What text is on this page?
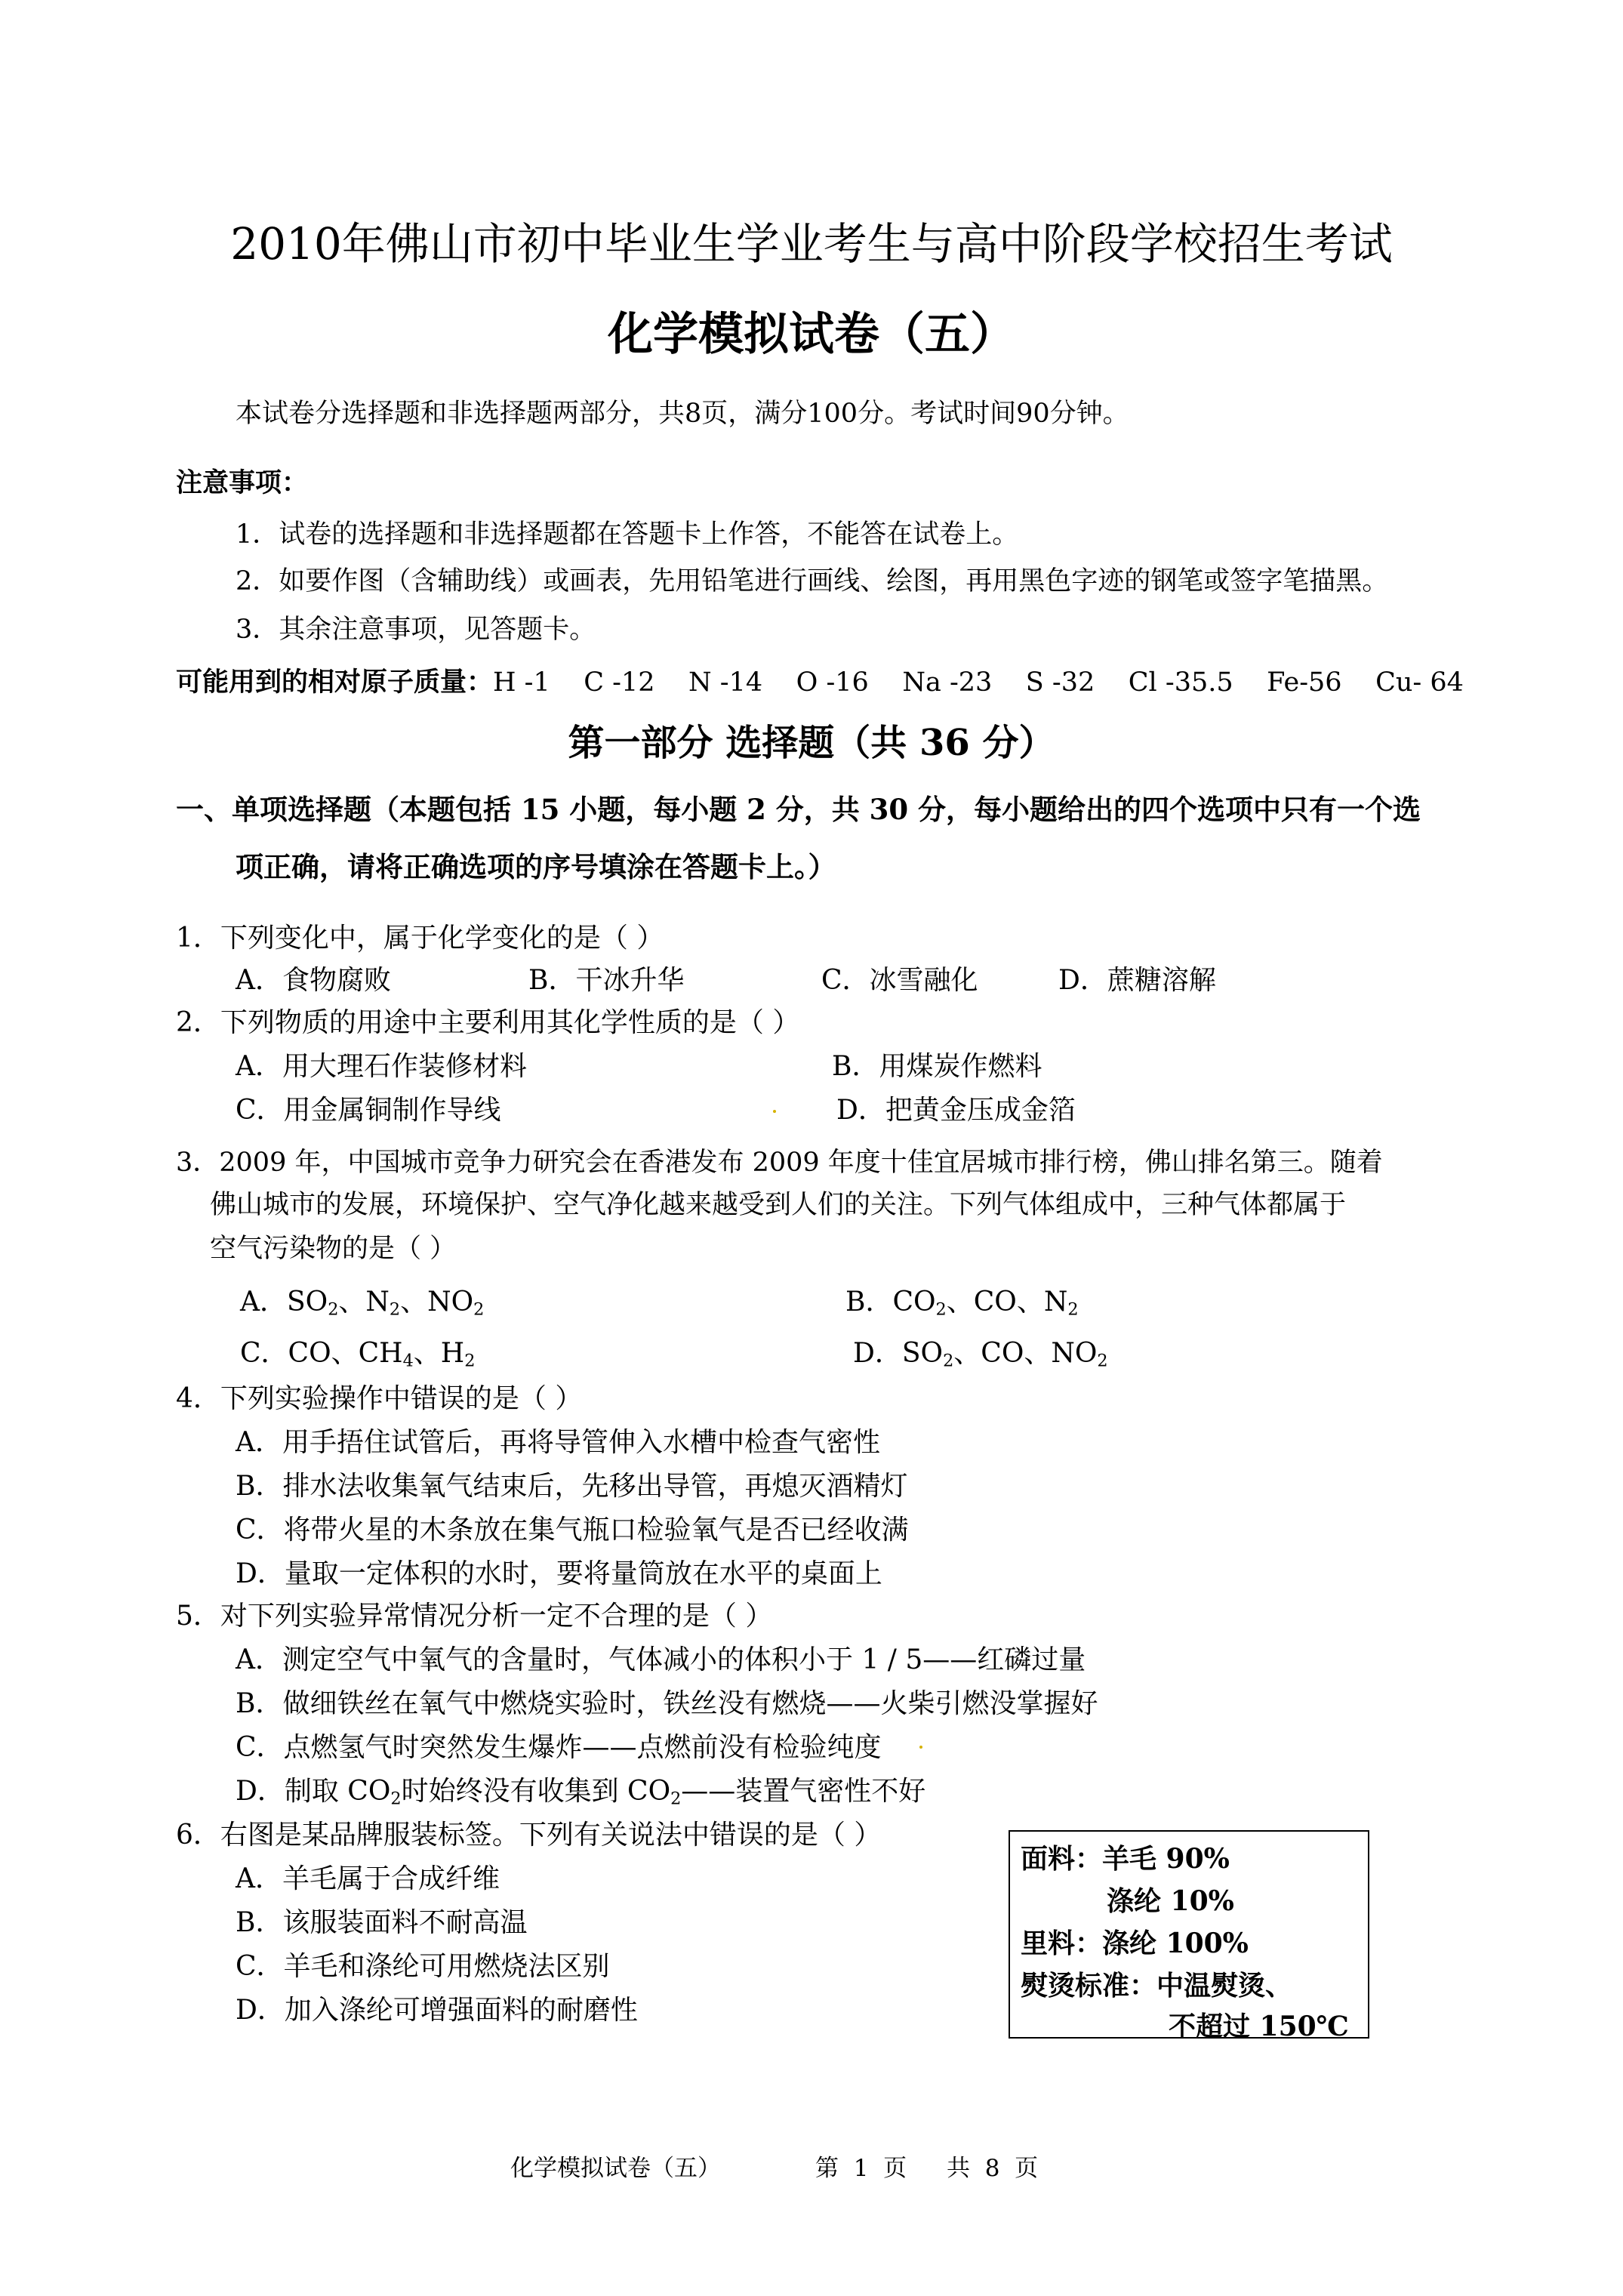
2010年佛山市初中毕业生学业考生与高中阶段学校招生考试
化学模拟试卷（五）
本试卷分选择题和非选择题两部分，共8页，满分100分。考试时间90分钟。
注意事项：
1．试卷的选择题和非选择题都在答题卡上作答，不能答在试卷上。
2．如要作图（含辅助线）或画表，先用铅笔进行画线、绘图，再用黑色字迹的钢笔或签字笔描黑。
3．其余注意事项，见答题卡。
可能用到的相对原子质量：H -1    C -12    N -14    O -16    Na -23    S -32    Cl -35.5    Fe-56    Cu- 64
第一部分 选择题（共 36 分）
一、单项选择题（本题包括 15 小题，每小题 2 分，共 30 分，每小题给出的四个选项中只有一个选
项正确，请将正确选项的序号填涂在答题卡上。）
1．下列变化中，属于化学变化的是（ ）
A．食物腐败	B．干冰升华	C．冰雪融化	D．蔗糖溶解
2．下列物质的用途中主要利用其化学性质的是（ ）
A．用大理石作装修材料	B．用煤炭作燃料
C．用金属铜制作导线	D．把黄金压成金箔
3．2009 年，中国城市竞争力研究会在香港发布 2009 年度十佳宜居城市排行榜，佛山排名第三。随着
佛山城市的发展，环境保护、空气净化越来越受到人们的关注。下列气体组成中，三种气体都属于
空气污染物的是（ ）
A．$SO_2$、$N_2$、$NO_2$	B．$CO_2$、CO、$N_2$
C．CO、$CH_4$、$H_2$	D．$SO_2$、CO、$NO_2$
4．下列实验操作中错误的是（ ）
A．用手捂住试管后，再将导管伸入水槽中检查气密性
B．排水法收集氧气结束后，先移出导管，再熄灭酒精灯
C．将带火星的木条放在集气瓶口检验氧气是否已经收满
D．量取一定体积的水时，要将量筒放在水平的桌面上
5．对下列实验异常情况分析一定不合理的是（ ）
A．测定空气中氧气的含量时，气体减小的体积小于 1 / 5——红磷过量
B．做细铁丝在氧气中燃烧实验时，铁丝没有燃烧——火柴引燃没掌握好
C．点燃氢气时突然发生爆炸——点燃前没有检验纯度
D．制取 $CO_2$时始终没有收集到 $CO_2——$装置气密性不好
6．右图是某品牌服装标签。下列有关说法中错误的是（ ）
A．羊毛属于合成纤维
B．该服装面料不耐高温
C．羊毛和涤纶可用燃烧法区别
D．加入涤纶可增强面料的耐磨性
面料：羊毛 90%
涤纶 10%
里料：涤纶 100%
熨烫标准：中温熨烫、
不超过 150℃
化学模拟试卷（五）	第  1  页 共  8  页
